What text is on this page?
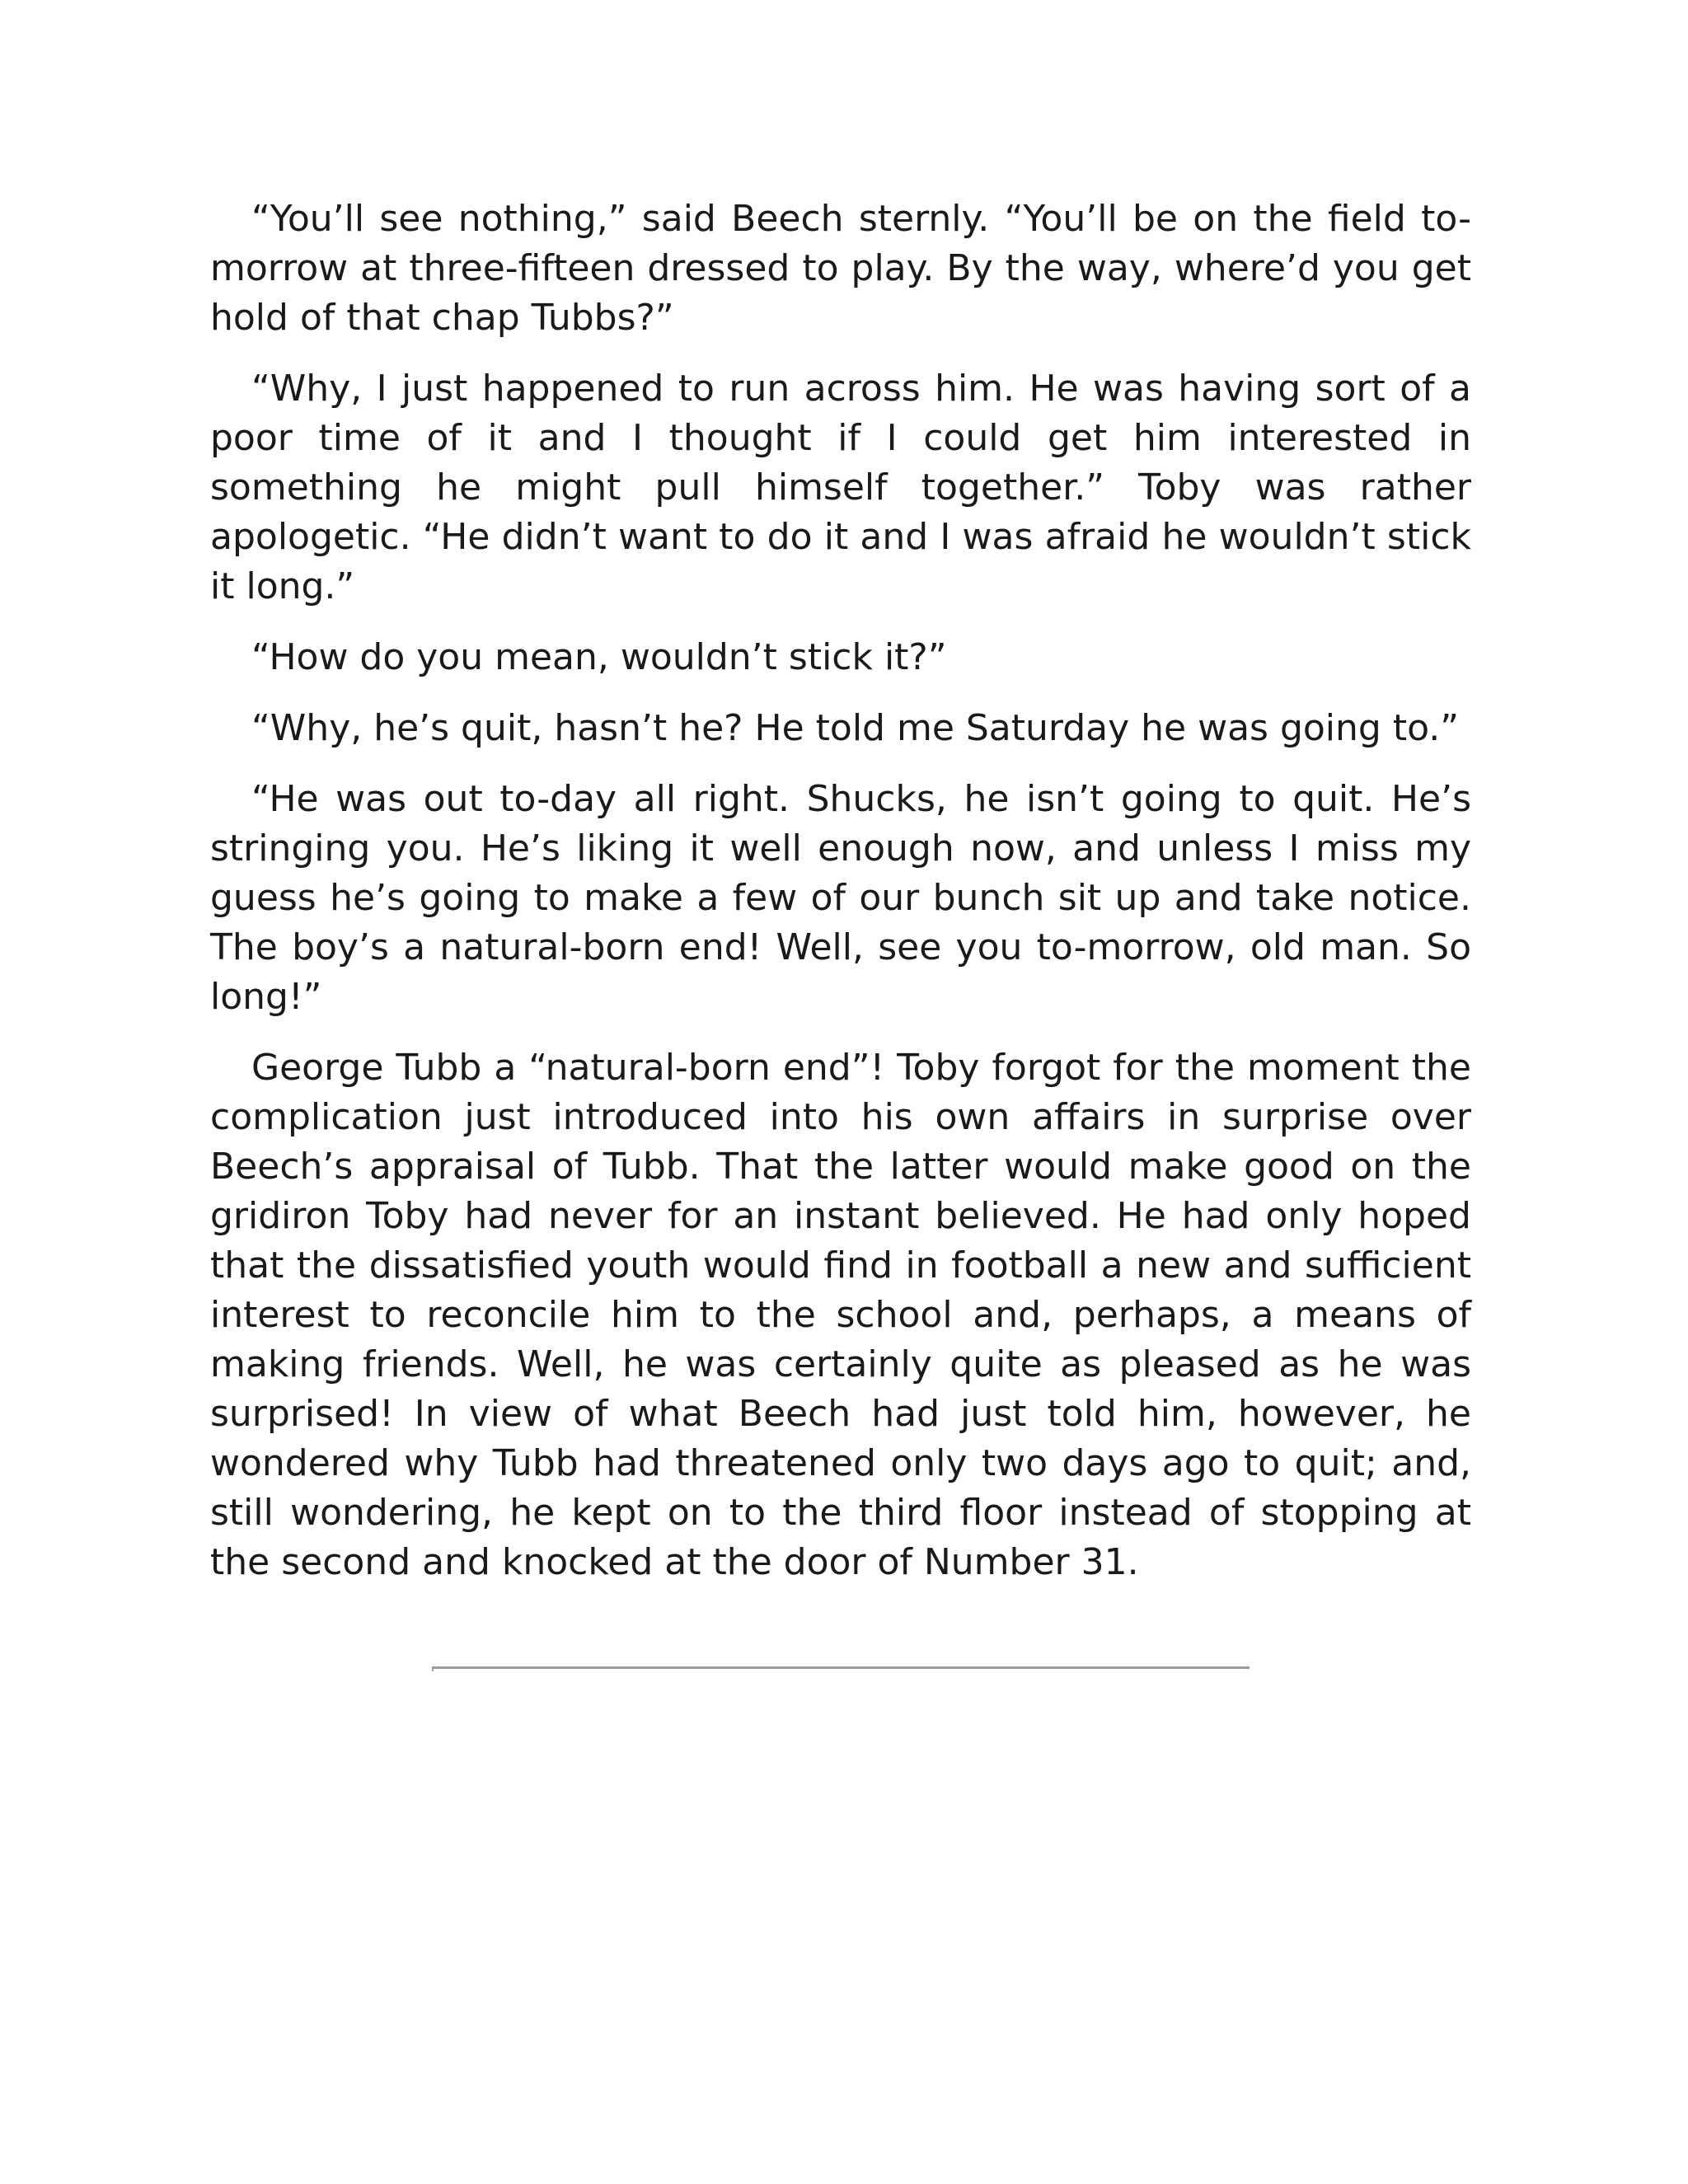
“You’ll see nothing,” said Beech sternly. “You’ll be on the field to-morrow at three-fifteen dressed to play. By the way, where’d you get hold of that chap Tubbs?”

“Why, I just happened to run across him. He was having sort of a poor time of it and I thought if I could get him interested in something he might pull himself together.” Toby was rather apologetic. “He didn’t want to do it and I was afraid he wouldn’t stick it long.”

“How do you mean, wouldn’t stick it?”

“Why, he’s quit, hasn’t he? He told me Saturday he was going to.”

“He was out to-day all right. Shucks, he isn’t going to quit. He’s stringing you. He’s liking it well enough now, and unless I miss my guess he’s going to make a few of our bunch sit up and take notice. The boy’s a natural-born end! Well, see you to-morrow, old man. So long!”

George Tubb a “natural-born end”! Toby forgot for the moment the complication just introduced into his own affairs in surprise over Beech’s appraisal of Tubb. That the latter would make good on the gridiron Toby had never for an instant believed. He had only hoped that the dissatisfied youth would find in football a new and sufficient interest to reconcile him to the school and, perhaps, a means of making friends. Well, he was certainly quite as pleased as he was surprised! In view of what Beech had just told him, however, he wondered why Tubb had threatened only two days ago to quit; and, still wondering, he kept on to the third floor instead of stopping at the second and knocked at the door of Number 31.
